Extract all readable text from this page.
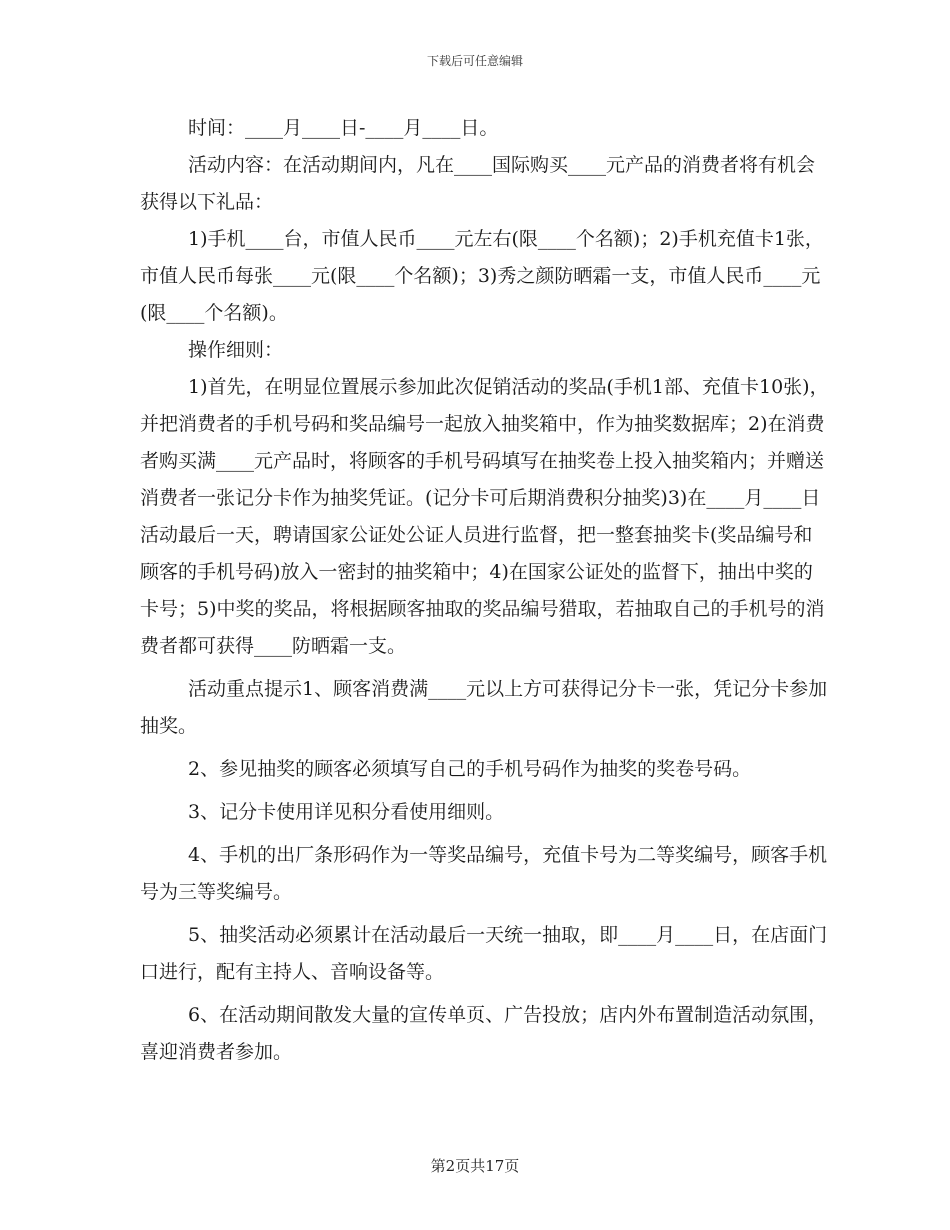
下载后可任意编辑

时间：____月____日-____月____日。

活动内容：在活动期间内，凡在____国际购买____元产品的消费者将有机会获得以下礼品：

1)手机____台，市值人民币____元左右(限____个名额)；2)手机充值卡1张，市值人民币每张____元(限____个名额)；3)秀之颜防晒霜一支，市值人民币____元(限____个名额)。

操作细则：

1)首先，在明显位置展示参加此次促销活动的奖品(手机1部、充值卡10张)，并把消费者的手机号码和奖品编号一起放入抽奖箱中，作为抽奖数据库；2)在消费者购买满____元产品时，将顾客的手机号码填写在抽奖卷上投入抽奖箱内；并赠送消费者一张记分卡作为抽奖凭证。(记分卡可后期消费积分抽奖)3)在____月____日活动最后一天，聘请国家公证处公证人员进行监督，把一整套抽奖卡(奖品编号和顾客的手机号码)放入一密封的抽奖箱中；4)在国家公证处的监督下，抽出中奖的卡号；5)中奖的奖品，将根据顾客抽取的奖品编号猎取，若抽取自己的手机号的消费者都可获得____防晒霜一支。

活动重点提示1、顾客消费满____元以上方可获得记分卡一张，凭记分卡参加抽奖。

2、参见抽奖的顾客必须填写自己的手机号码作为抽奖的奖卷号码。

3、记分卡使用详见积分看使用细则。

4、手机的出厂条形码作为一等奖品编号，充值卡号为二等奖编号，顾客手机号为三等奖编号。

5、抽奖活动必须累计在活动最后一天统一抽取，即____月____日，在店面门口进行，配有主持人、音响设备等。

6、在活动期间散发大量的宣传单页、广告投放；店内外布置制造活动氛围，喜迎消费者参加。

第2页共17页
